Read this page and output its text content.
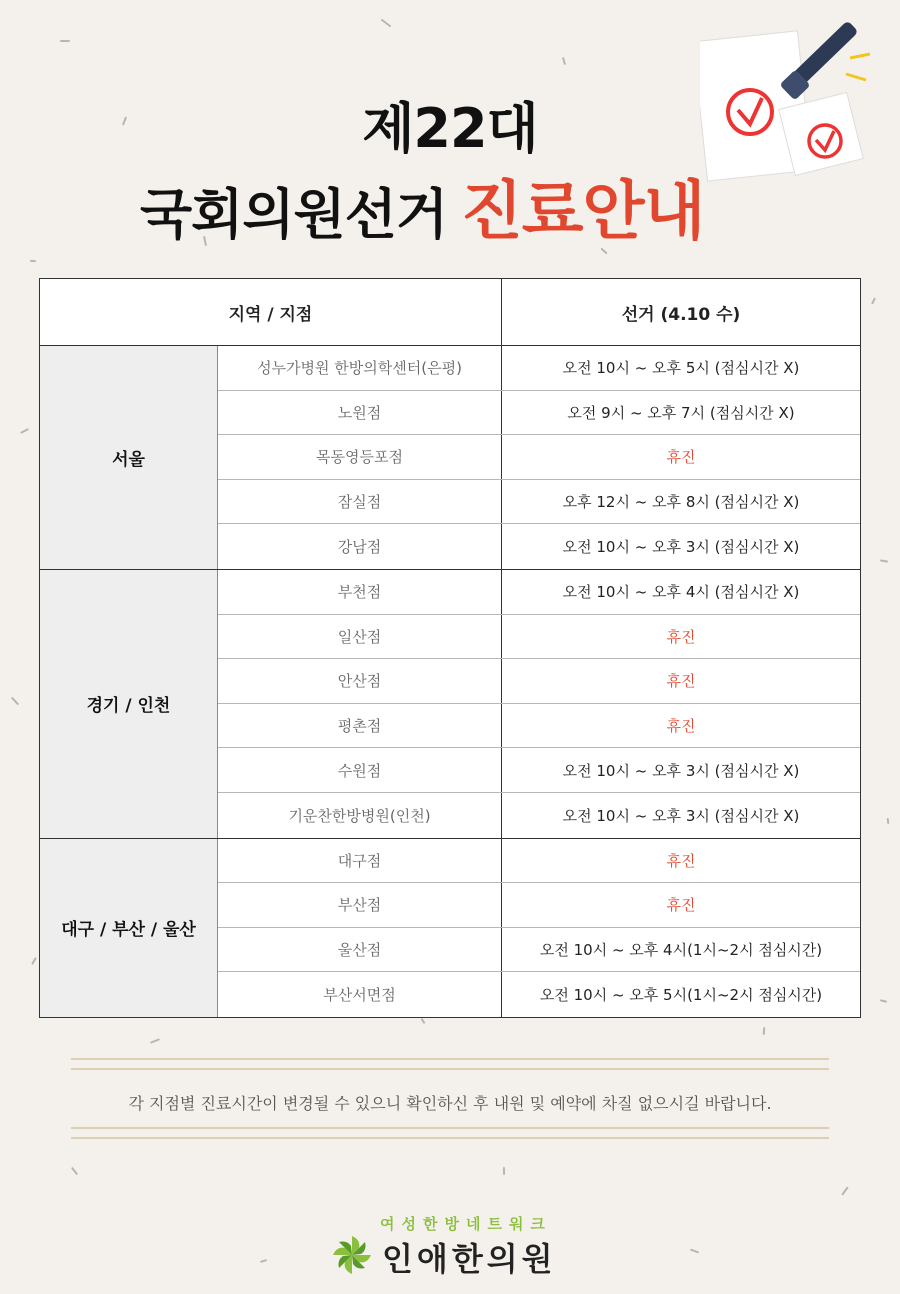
제22대
국회의원선거 진료안내
지역 / 지점	선거 (4.10 수)
서울
성누가병원 한방의학센터(은평)	오전 10시 ~ 오후 5시 (점심시간 X)
노원점	오전 9시 ~ 오후 7시 (점심시간 X)
목동영등포점	휴진
잠실점	오후 12시 ~ 오후 8시 (점심시간 X)
강남점	오전 10시 ~ 오후 3시 (점심시간 X)
경기 / 인천
부천점	오전 10시 ~ 오후 4시 (점심시간 X)
일산점	휴진
안산점	휴진
평촌점	휴진
수원점	오전 10시 ~ 오후 3시 (점심시간 X)
기운찬한방병원(인천)	오전 10시 ~ 오후 3시 (점심시간 X)
대구 / 부산 / 울산
대구점	휴진
부산점	휴진
울산점	오전 10시 ~ 오후 4시(1시~2시 점심시간)
부산서면점	오전 10시 ~ 오후 5시(1시~2시 점심시간)
각 지점별 진료시간이 변경될 수 있으니 확인하신 후 내원 및 예약에 차질 없으시길 바랍니다.
여성한방네트워크
인애한의원
